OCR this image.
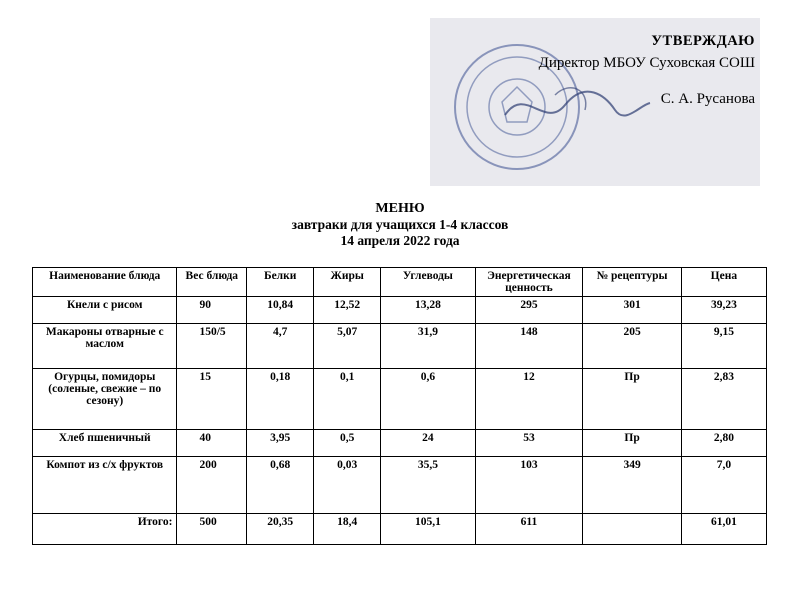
УТВЕРЖДАЮ
Директор МБОУ Суховская СОШ
С. А. Русанова
МЕНЮ
завтраки для учащихся 1-4 классов
14 апреля 2022 года
Наименование блюда	Вес блюда	Белки	Жиры	Углеводы	Энергетическая ценность	№ рецептуры	Цена
Кнели с рисом	90	10,84	12,52	13,28	295	301	39,23
Макароны отварные с маслом	150/5	4,7	5,07	31,9	148	205	9,15
Огурцы, помидоры (соленые, свежие – по сезону)	15	0,18	0,1	0,6	12	Пр	2,83
Хлеб пшеничный	40	3,95	0,5	24	53	Пр	2,80
Компот из с/х фруктов	200	0,68	0,03	35,5	103	349	7,0
Итого:	500	20,35	18,4	105,1	611		61,01
